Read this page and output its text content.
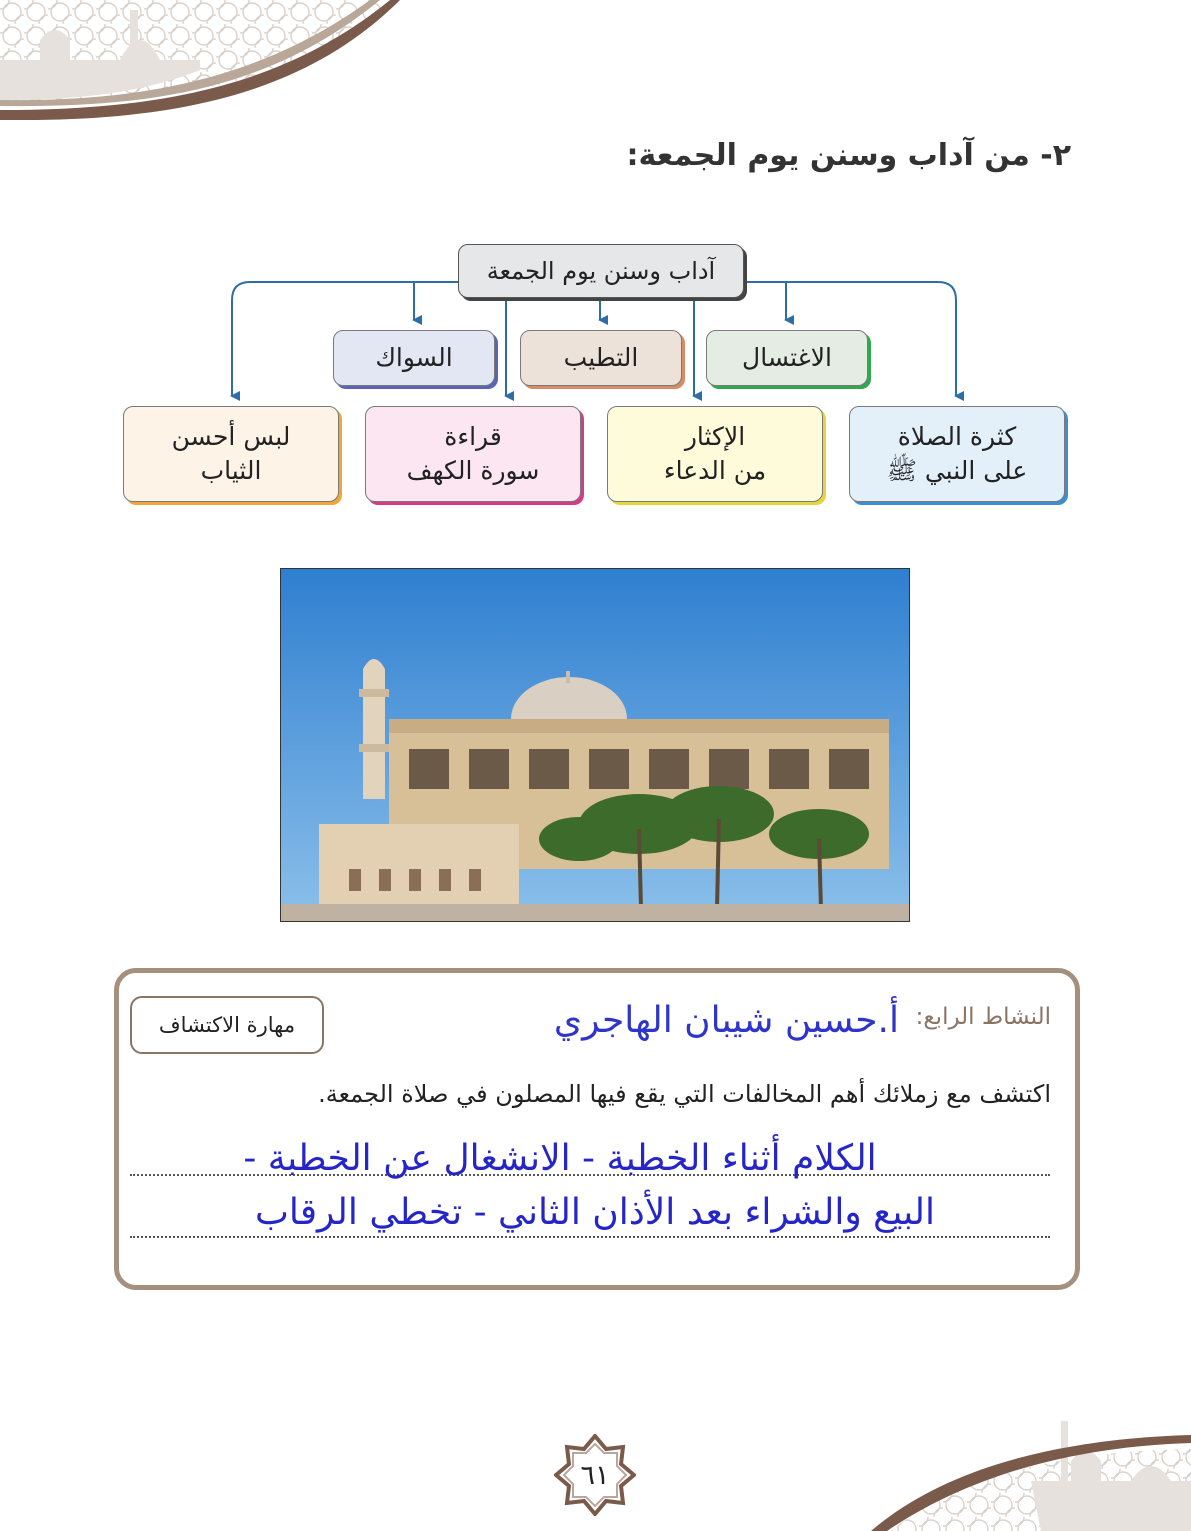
٢- من آداب وسنن يوم الجمعة:
آداب وسنن يوم الجمعة
الاغتسال
التطيب
السواك
كثرة الصلاة
على النبي ﷺ
الإكثار
من الدعاء
قراءة
سورة الكهف
لبس أحسن
الثياب
مهارة الاكتشاف	النشاط الرابع:
أ.حسين شيبان الهاجري
اكتشف مع زملائك أهم المخالفات التي يقع فيها المصلون في صلاة الجمعة.
الكلام أثناء الخطبة - الانشغال عن الخطبة -
البيع والشراء بعد الأذان الثاني - تخطي الرقاب
٦١
